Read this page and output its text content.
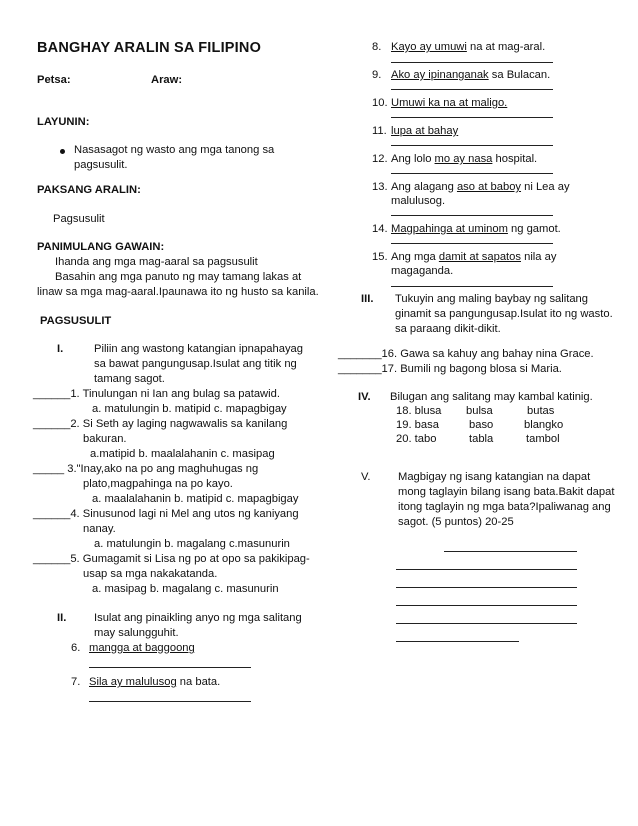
BANGHAY ARALIN SA FILIPINO
Petsa:	Araw:
LAYUNIN:
Nasasagot ng wasto ang mga tanong sa
pagsusulit.
PAKSANG ARALIN:
Pagsusulit
PANIMULANG GAWAIN:
Ihanda ang mga mag-aaral sa pagsusulit
Basahin ang mga panuto ng may tamang lakas at
linaw sa mga mag-aaral.Ipaunawa ito ng husto sa kanila.
PAGSUSULIT
I.	Piliin ang wastong katangian ipnapahayag
sa bawat pangungusap.Isulat ang titik ng
tamang sagot.
______1. Tinulungan ni Ian ang bulag sa patawid.
a. matulungin b. matipid c. mapagbigay
______2. Si Seth ay laging nagwawalis sa kanilang
bakuran.
a.matipid b. maalalahanin c. masipag
_____ 3."Inay,ako na po ang maghuhugas ng
plato,magpahinga na po kayo.
a. maalalahanin b. matipid c. mapagbigay
______4. Sinusunod lagi ni Mel ang utos ng kaniyang
nanay.
a. matulungin b. magalang c.masunurin
______5. Gumagamit si Lisa ng po at opo sa pakikipag-
usap sa mga nakakatanda.
a. masipag b. magalang c. masunurin
II. Isulat ang pinaikling anyo ng mga salitang
may salungguhit.
6. mangga at baggoong
7. Sila ay malulusog na bata.
8. Kayo ay umuwi na at mag-aral.
9. Ako ay ipinanganak sa Bulacan.
10. Umuwi ka na at maligo.
11. lupa at bahay
12. Ang lolo mo ay nasa hospital.
13. Ang alagang aso at baboy ni Lea ay
malulusog.
14. Magpahinga at uminom ng gamot.
15. Ang mga damit at sapatos nila ay
magaganda.
III. Tukuyin ang maling baybay ng salitang
ginamit sa pangungusap.Isulat ito ng wasto.
sa paraang dikit-dikit.
_______16. Gawa sa kahuy ang bahay nina Grace.
_______17. Bumili ng bagong blosa si Maria.
IV. Bilugan ang salitang may kambal katinig.
18. blusa bulsa	butas
19. basa	baso	blangko
20. tabo	tabla	tambol
V. Magbigay ng isang katangian na dapat
mong taglayin bilang isang bata.Bakit dapat
itong taglayin ng mga bata?Ipaliwanag ang
sagot. (5 puntos) 20-25
